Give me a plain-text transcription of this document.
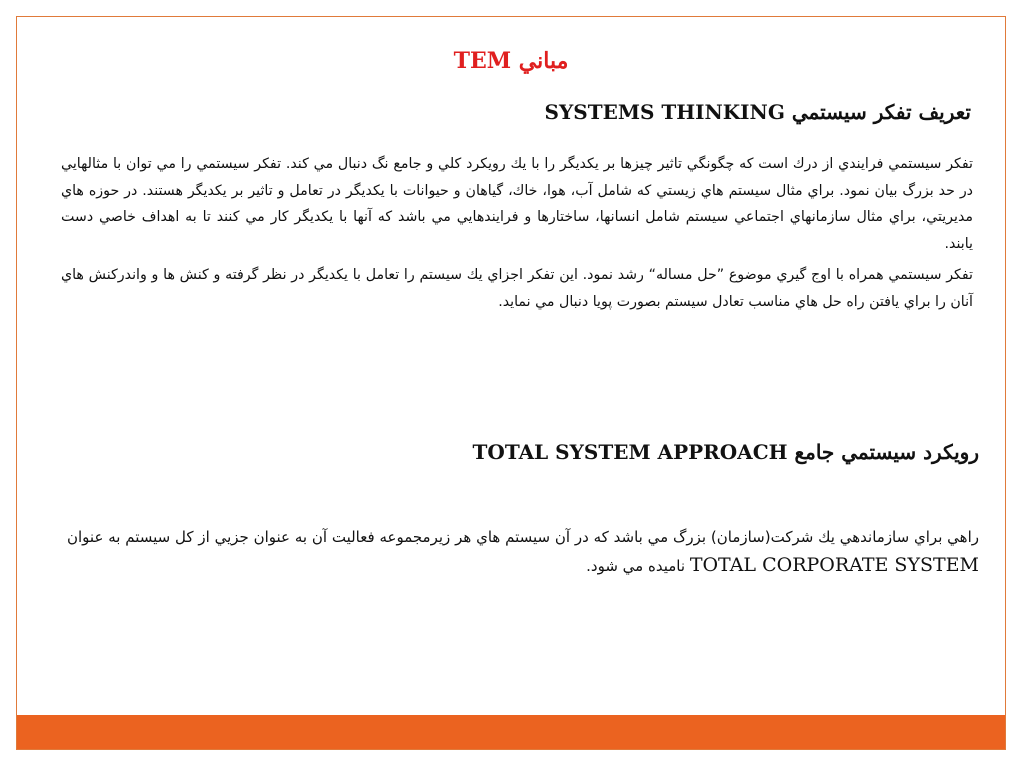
مباني TEM
تعريف تفكر سيستمي SYSTEMS THINKING

تفكر سيستمي فرايندي از درك است كه چگونگي تاثير چيزها بر يكديگر را با يك رويكرد كلي و جامع نگ دنبال مي كند. تفكر سيستمي را مي توان با مثالهايي در حد بزرگ بيان نمود. براي مثال سيستم هاي زيستي كه شامل آب، هوا، خاك، گياهان و حيوانات با يكديگر در تعامل و تاثير بر يكديگر هستند. در حوزه هاي مديريتي، براي مثال سازمانهاي اجتماعي سيستم شامل انسانها، ساختارها و فرايندهايي مي باشد كه آنها با يكديگر كار مي كنند تا به اهداف خاصي دست يابند.

تفكر سيستمي همراه با اوج گيري موضوع ”حل مساله“ رشد نمود. اين تفكر اجزاي يك سيستم را تعامل با يكديگر در نظر گرفته و كنش ها و واندركنش هاي آنان را براي يافتن راه حل هاي مناسب تعادل سيستم بصورت پويا دنبال مي نمايد.

رويكرد سيستمي جامع TOTAL SYSTEM APPROACH

راهي براي سازماندهي يك شركت(سازمان) بزرگ مي باشد كه در آن سيستم هاي هر زيرمجموعه فعاليت آن به عنوان جزيي از كل سيستم به عنوان TOTAL CORPORATE SYSTEM ناميده مي شود.
